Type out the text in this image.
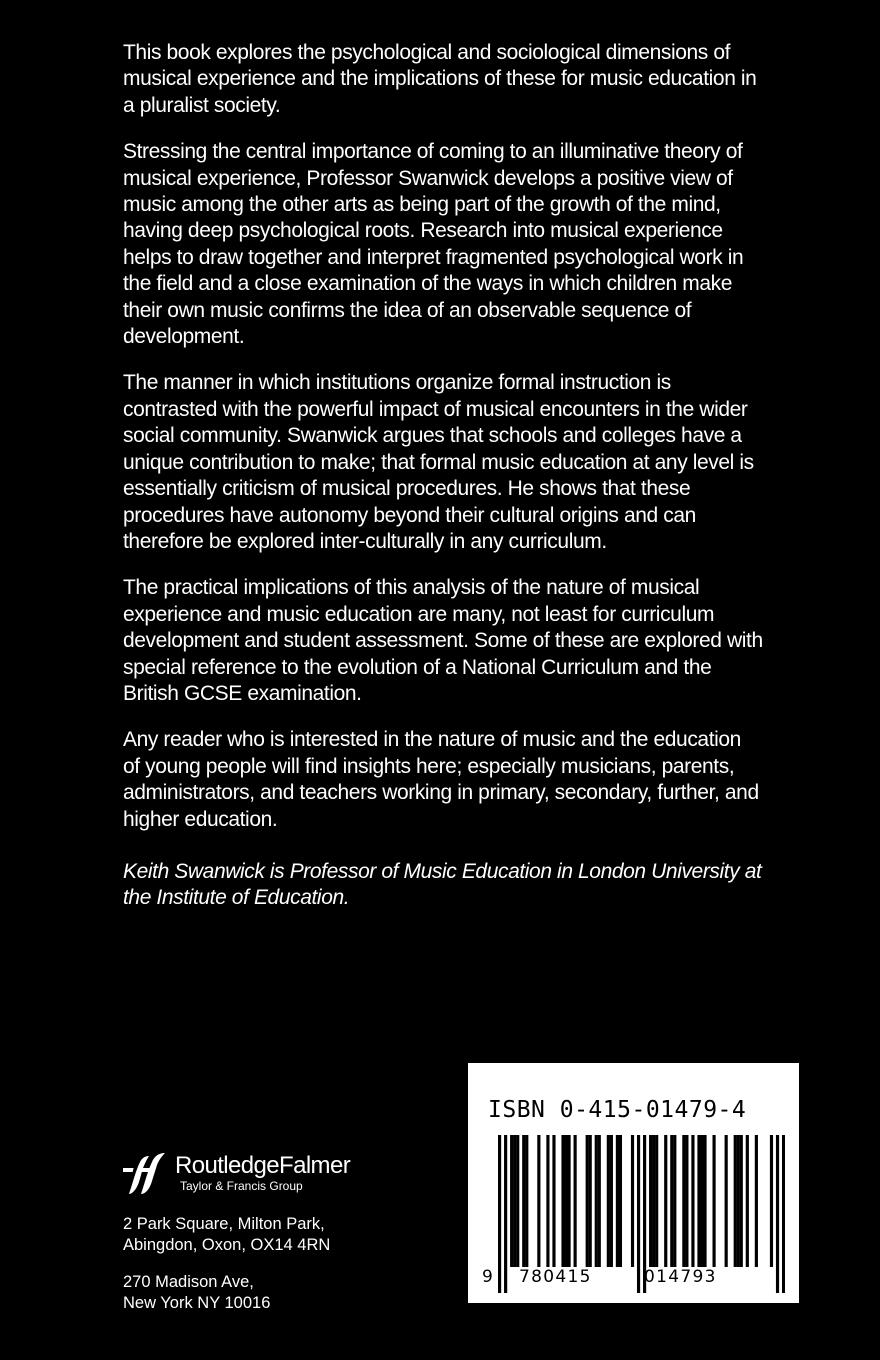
This book explores the psychological and sociological dimensions of musical experience and the implications of these for music education in a pluralist society.

Stressing the central importance of coming to an illuminative theory of musical experience, Professor Swanwick develops a positive view of music among the other arts as being part of the growth of the mind, having deep psychological roots. Research into musical experience helps to draw together and interpret fragmented psychological work in the field and a close examination of the ways in which children make their own music confirms the idea of an observable sequence of development.

The manner in which institutions organize formal instruction is contrasted with the powerful impact of musical encounters in the wider social community. Swanwick argues that schools and colleges have a unique contribution to make; that formal music education at any level is essentially criticism of musical procedures. He shows that these procedures have autonomy beyond their cultural origins and can therefore be explored inter-culturally in any curriculum.

The practical implications of this analysis of the nature of musical experience and music education are many, not least for curriculum development and student assessment. Some of these are explored with special reference to the evolution of a National Curriculum and the British GCSE examination.

Any reader who is interested in the nature of music and the education of young people will find insights here; especially musicians, parents, administrators, and teachers working in primary, secondary, further, and higher education.

Keith Swanwick is Professor of Music Education in London University at the Institute of Education.

RoutledgeFalmer
Taylor & Francis Group
2 Park Square, Milton Park,
Abingdon, Oxon, OX14 4RN
270 Madison Ave,
New York NY 10016
ISBN 0-415-01479-4
9 780415	014793
